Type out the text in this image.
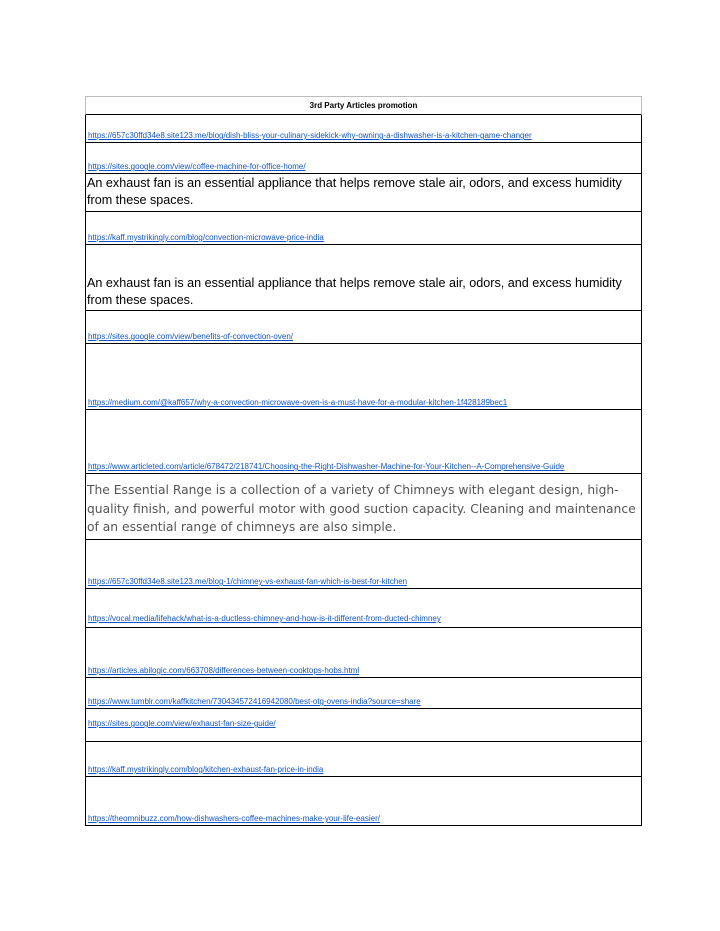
3rd Party Articles promotion
https://657c30ffd34e8.site123.me/blog/dish-bliss-your-culinary-sidekick-why-owning-a-dishwasher-is-a-kitchen-game-changer
https://sites.google.com/view/coffee-machine-for-office-home/
An exhaust fan is an essential appliance that helps remove stale air, odors, and excess humidity from these spaces.
https://kaff.mystrikingly.com/blog/convection-microwave-price-india
An exhaust fan is an essential appliance that helps remove stale air, odors, and excess humidity from these spaces.
https://sites.google.com/view/benefits-of-convection-oven/
https://medium.com/@kaff657/why-a-convection-microwave-oven-is-a-must-have-for-a-modular-kitchen-1f428189bec1
https://www.articleted.com/article/678472/218741/Choosing-the-Right-Dishwasher-Machine-for-Your-Kitchen--A-Comprehensive-Guide
The Essential Range is a collection of a variety of Chimneys with elegant design, high-quality finish, and powerful motor with good suction capacity. Cleaning and maintenance of an essential range of chimneys are also simple.
https://657c30ffd34e8.site123.me/blog-1/chimney-vs-exhaust-fan-which-is-best-for-kitchen
https://vocal.media/lifehack/what-is-a-ductless-chimney-and-how-is-it-different-from-ducted-chimney
https://articles.abilogic.com/663708/differences-between-cooktops-hobs.html
https://www.tumblr.com/kaffkitchen/730434572416942080/best-otg-ovens-india?source=share
https://sites.google.com/view/exhaust-fan-size-guide/
https://kaff.mystrikingly.com/blog/kitchen-exhaust-fan-price-in-india
https://theomnibuzz.com/how-dishwashers-coffee-machines-make-your-life-easier/
